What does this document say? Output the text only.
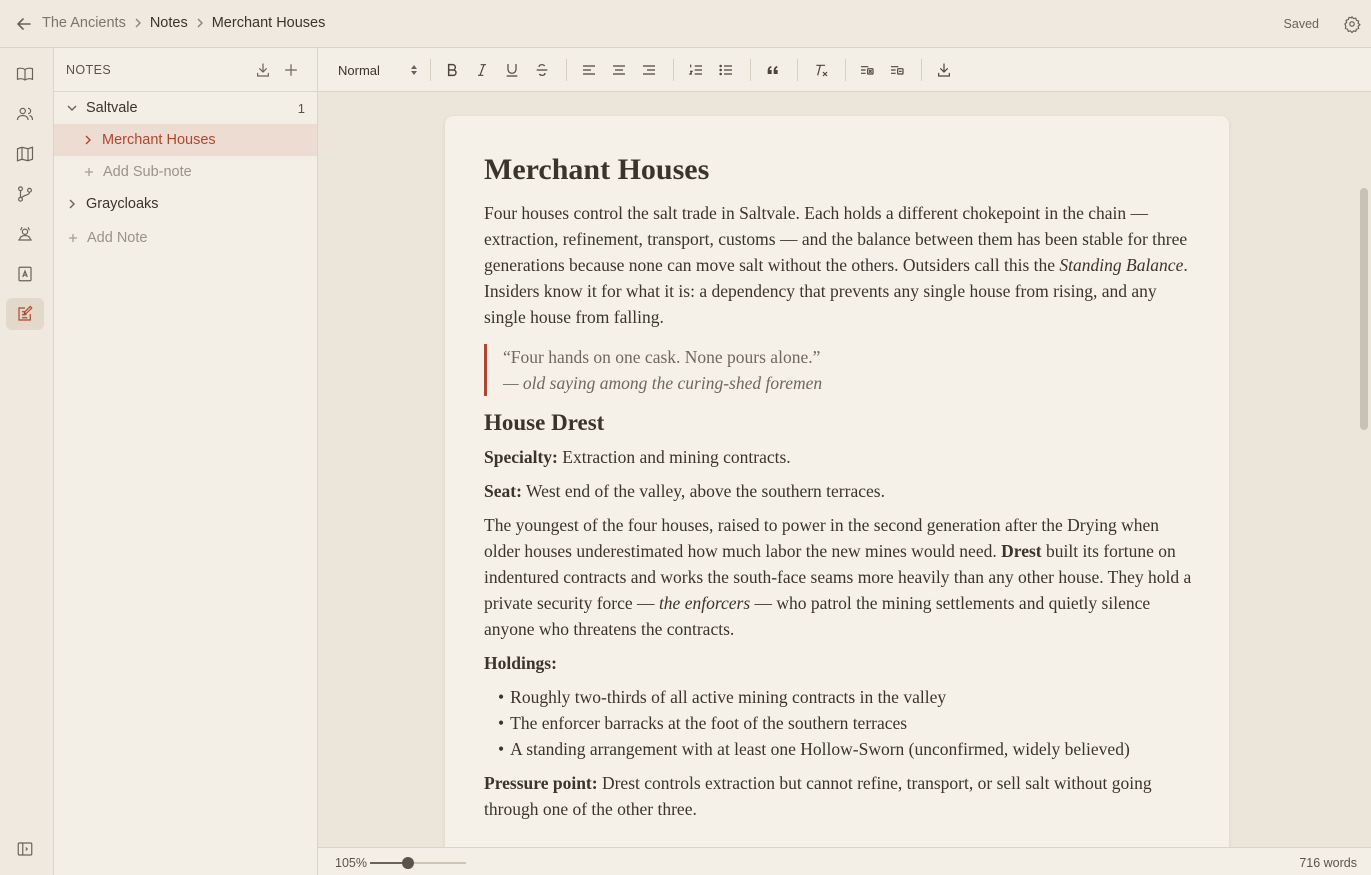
The Ancients Notes Merchant Houses	Saved
NOTES
Saltvale	1
Merchant Houses
Add Sub-note
Graycloaks
Add Note
Normal
Merchant Houses

Four houses control the salt trade in Saltvale. Each holds a different chokepoint in the chain — extraction, refinement, transport, customs — and the balance between them has been stable for three generations because none can move salt without the others. Outsiders call this the Standing Balance. Insiders know it for what it is: a dependency that prevents any single house from rising, and any single house from falling.

“Four hands on one cask. None pours alone.”
— old saying among the curing-shed foremen
House Drest

Specialty: Extraction and mining contracts.

Seat: West end of the valley, above the southern terraces.

The youngest of the four houses, raised to power in the second generation after the Drying when older houses underestimated how much labor the new mines would need. Drest built its fortune on indentured contracts and works the south-face seams more heavily than any other house. They hold a private security force — the enforcers — who patrol the mining settlements and quietly silence anyone who threatens the contracts.

Holdings:

• Roughly two-thirds of all active mining contracts in the valley
• The enforcer barracks at the foot of the southern terraces
• A standing arrangement with at least one Hollow-Sworn (unconfirmed, widely believed)

Pressure point: Drest controls extraction but cannot refine, transport, or sell salt without going through one of the other three.

105%	716 words
